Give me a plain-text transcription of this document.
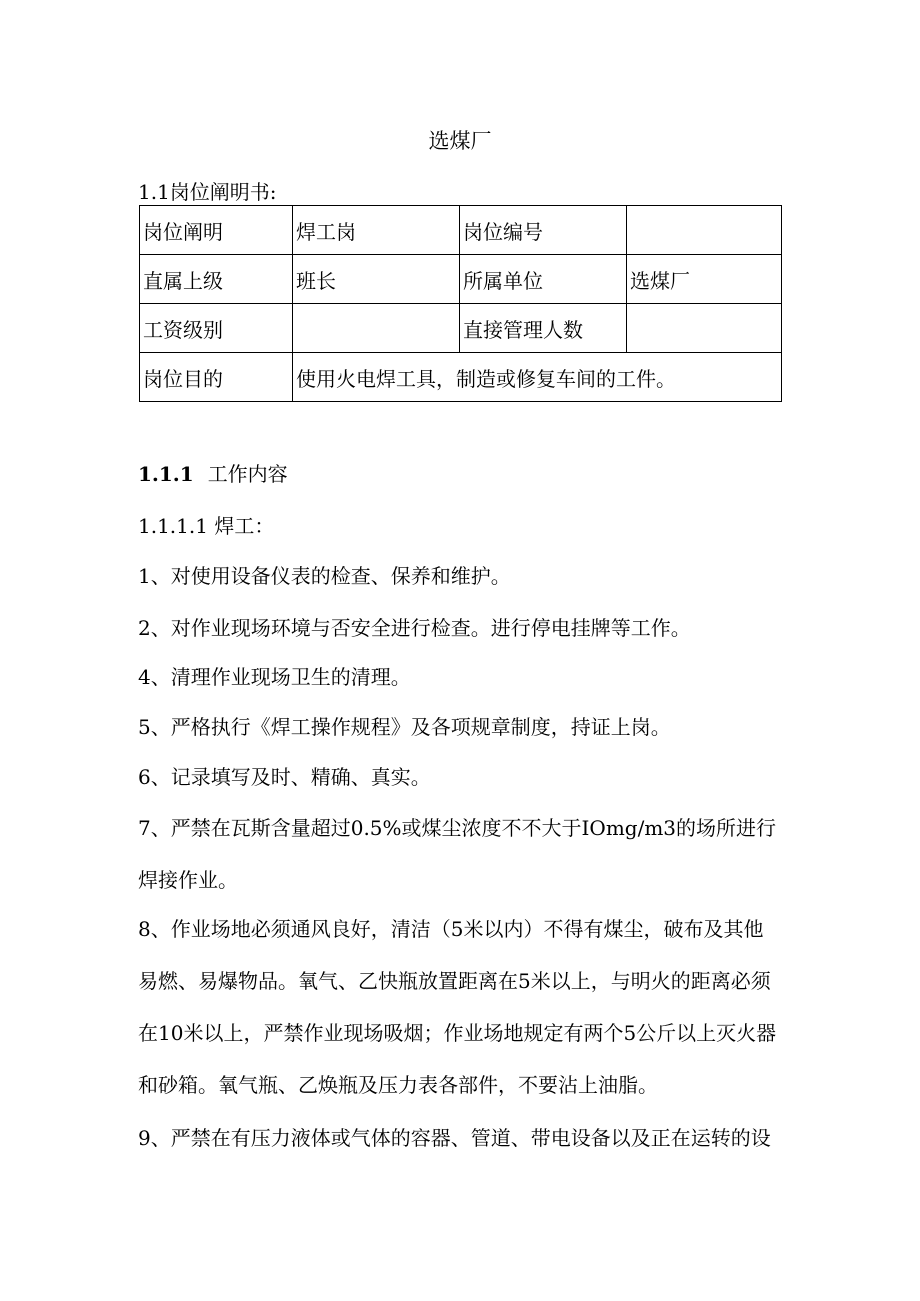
选煤厂
1.1岗位阐明书:
岗位阐明	焊工岗	岗位编号	
直属上级	班长	所属单位	选煤厂
工资级别		直接管理人数	
岗位目的	使用火电焊工具，制造或修复车间的工件。		
1.1.1 工作内容
1.1.1.1 焊工：

1、对使用设备仪表的检查、保养和维护。

2、对作业现场环境与否安全进行检查。进行停电挂牌等工作。

4、清理作业现场卫生的清理。

5、严格执行《焊工操作规程》及各项规章制度，持证上岗。

6、记录填写及时、精确、真实。

7、严禁在瓦斯含量超过0.5%或煤尘浓度不不大于IOmg/m3的场所进行焊接作业。

8、作业场地必须通风良好，清洁（5米以内）不得有煤尘，破布及其他易燃、易爆物品。氧气、乙快瓶放置距离在5米以上，与明火的距离必须在10米以上，严禁作业现场吸烟；作业场地规定有两个5公斤以上灭火器和砂箱。氧气瓶、乙焕瓶及压力表各部件，不要沾上油脂。

9、严禁在有压力液体或气体的容器、管道、带电设备以及正在运转的设
